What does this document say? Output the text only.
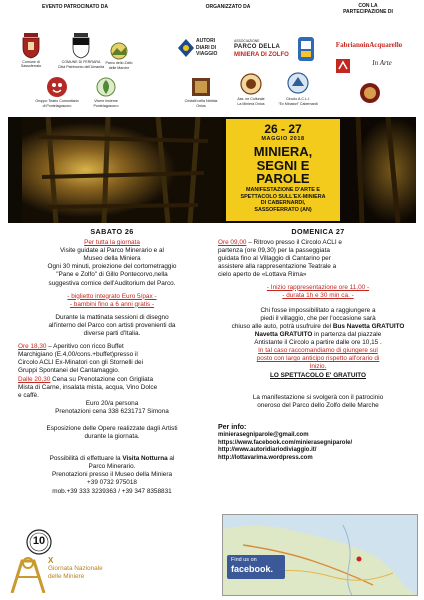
EVENTO PATROCINATO DA	ORGANIZZATO DA	CON LA
PARTECIPAZIONE DI
Comune di Sassoferrato
COMUNE DI FERRARA
Città Patrimonio dell'Umanità
Parco dello Zolfo
delle Marche
Gruppo Teatro Comunitario
di Pontelagoscuro
Vivere insieme
Pontelagoscuro
AUTORI
DIARI DI
VIAGGIO
ASSOCIAZIONE
PARCO DELLA
MINIERA DI ZOLFO
Cristalli nella Nebbia
Onlus
Ass. ne Culturale
La Miniera Onlus
Circolo A.C.L.I.
"Ex Minatori" Cabernardi
FabrianoinAcquarello
In Arte
26 - 27
MAGGIO 2018
MINIERA,
SEGNI E
PAROLE
MANIFESTAZIONE D'ARTE E
SPETTACOLO SULL'EX-MINIERA
DI CABERNARDI,
SASSOFERRATO (AN)
SABATO 26
Per tutta la giornata
Visite guidate al Parco Minerario e al
Museo della Miniera
Ogni 30 minuti, proiezione del cortometraggio
"Pane e Zolfo" di Gillo Pontecorvo,nella
suggestiva cornice dell'Auditorium del Parco.
- biglietto integrato Euro 5/pax -
- bambini fino a 6 anni gratis -
Durante la mattinata sessioni di disegno
all'interno del Parco con artisti provenienti da
diverse parti d'Italia.
Ore 18,30 – Aperitivo con ricco Buffet
Marchigiano (E.4,00/cons.+buffet)presso il
Circolo ACLI Ex-Minatori con gli Stornelli dei
Gruppi Spontanei del Cantamaggio.
Dalle 20,30 Cena su Prenotazione con Grigliata
Mista di Carne, insalata mista, acqua, Vino Dolce
e caffè.
Euro 20/a persona
Prenotazioni cena 338 6231717 Simona
Esposizione delle Opere realizzate dagli Artisti
durante la giornata.
Possibilità di effettuare la Visita Notturna al
Parco Minerario.
Prenotazioni presso il Museo della Miniera
+39 0732 975018
mob.+39 333 3239363 / +39 347 8358831
DOMENICA 27
Ore 09,00 – Ritrovo presso il Circolo ACLI e
partenza (ore 09,30) per la passeggiata
guidata fino al Villaggio di Cantarino per
assistere alla rappresentazione Teatrale a
cielo aperto de «Lottava Rima»
- Inizio rappresentazione ore 11,00 -
- durata 1h e 30 min ca. -
Chi fosse impossibilitato a raggiungere a
piedi il villaggio, che per l'occasione sarà
chiuso alle auto, potrà usufruire del Bus Navetta GRATUITO
Navetta GRATUITO in partenza dal piazzale
Antistante il Circolo a partire dalle ore 10,15 .
In tal caso raccomandiamo di giungere sul
posto con largo anticipo rispetto all'orario di
Inizio.
LO SPETTACOLO E' GRATUITO
La manifestazione si svolgerà con il patrocinio
oneroso del Parco dello Zolfo delle Marche
Per info:
minierasegniparole@gmail.com
https://www.facebook.com/minierasegniparole/
http://www.autoridiariodiviaggio.it/
http://lottavarima.wordpress.com
Find us on
facebook.
10
X
Giornata Nazionale
delle Miniere
